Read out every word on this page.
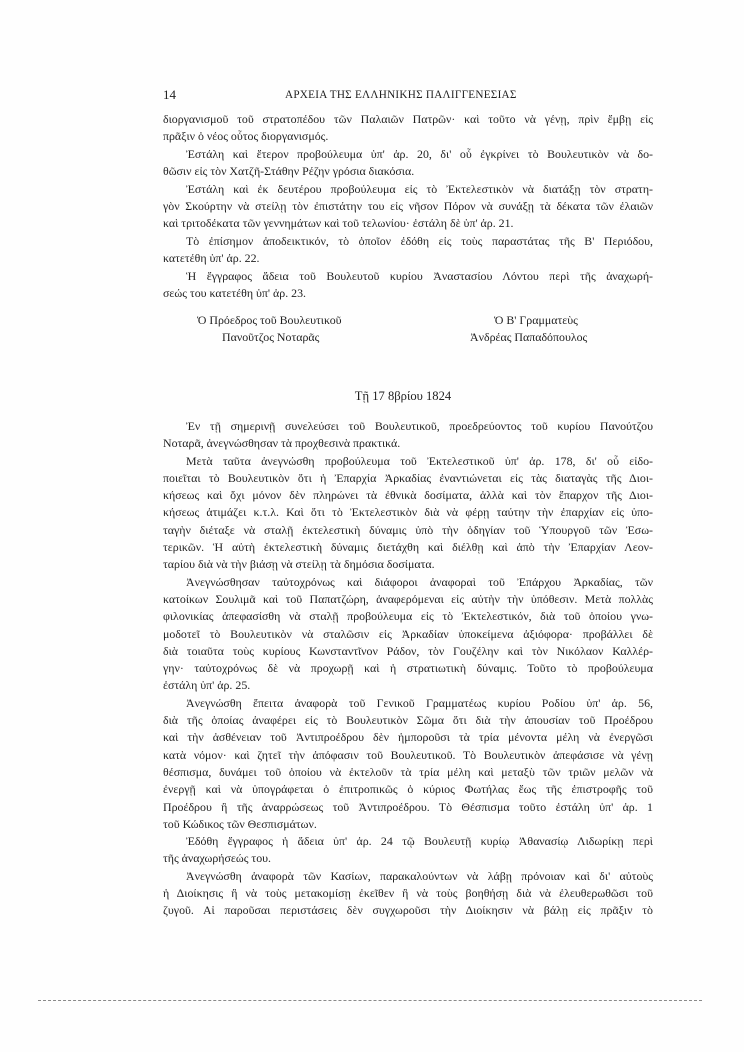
14	ΑΡΧΕΙΑ ΤΗΣ ΕΛΛΗΝΙΚΗΣ ΠΑΛΙΓΓΕΝΕΣΙΑΣ
διοργανισμοῦ τοῦ στρατοπέδου τῶν Παλαιῶν Πατρῶν· καὶ τοῦτο νὰ γένῃ, πρὶν ἔμβῃ εἰς
πρᾶξιν ὁ νέος οὗτος διοργανισμός.
Ἐστάλη καὶ ἕτερον προβούλευμα ὑπ' ἀρ. 20, δι' οὗ ἐγκρίνει τὸ Βουλευτικὸν νὰ δο-
θῶσιν εἰς τὸν Χατζῆ-Στάθην Ρέζην γρόσια διακόσια.
Ἐστάλη καὶ ἐκ δευτέρου προβούλευμα εἰς τὸ Ἐκτελεστικὸν νὰ διατάξῃ τὸν στρατη-
γὸν Σκούρτην νὰ στείλῃ τὸν ἐπιστάτην του εἰς νῆσον Πόρον νὰ συνάξῃ τὰ δέκατα τῶν ἐλαιῶν
καὶ τριτοδέκατα τῶν γεννημάτων καὶ τοῦ τελωνίου· ἐστάλη δὲ ὑπ' ἀρ. 21.
Τὸ ἐπίσημον ἀποδεικτικόν, τὸ ὁποῖον ἐδόθη εἰς τοὺς παραστάτας τῆς Β' Περιόδου,
κατετέθη ὑπ' ἀρ. 22.
Ἡ ἔγγραφος ἄδεια τοῦ Βουλευτοῦ κυρίου Ἀναστασίου Λόντου περὶ τῆς ἀναχωρή-
σεώς του κατετέθη ὑπ' ἀρ. 23.
Ὁ Πρόεδρος τοῦ Βουλευτικοῦ
Πανοῦτζος Νοταρᾶς
Ὁ Β' Γραμματεὺς
Ἀνδρέας Παπαδόπουλος
Τῇ 17 8βρίου 1824
Ἐν τῇ σημερινῇ συνελεύσει τοῦ Βουλευτικοῦ, προεδρεύοντος τοῦ κυρίου Πανούτζου
Νοταρᾶ, ἀνεγνώσθησαν τὰ προχθεσινὰ πρακτικά.
Μετὰ ταῦτα ἀνεγνώσθη προβούλευμα τοῦ Ἐκτελεστικοῦ ὑπ' ἀρ. 178, δι' οὗ εἰδο-
ποιεῖται τὸ Βουλευτικὸν ὅτι ἡ Ἐπαρχία Ἀρκαδίας ἐναντιώνεται εἰς τὰς διαταγὰς τῆς Διοι-
κήσεως καὶ ὄχι μόνον δὲν πληρώνει τὰ ἐθνικὰ δοσίματα, ἀλλὰ καὶ τὸν ἔπαρχον τῆς Διοι-
κήσεως ἀτιμάζει κ.τ.λ. Καὶ ὅτι τὸ Ἐκτελεστικὸν διὰ νὰ φέρῃ ταύτην τὴν ἐπαρχίαν εἰς ὑπο-
ταγὴν διέταξε νὰ σταλῇ ἐκτελεστικὴ δύναμις ὑπὸ τὴν ὁδηγίαν τοῦ Ὑπουργοῦ τῶν Ἐσω-
τερικῶν. Ἡ αὐτὴ ἐκτελεστικὴ δύναμις διετάχθη καὶ διέλθῃ καὶ ἀπὸ τὴν Ἐπαρχίαν Λεον-
ταρίου διὰ νὰ τὴν βιάσῃ νὰ στείλῃ τὰ δημόσια δοσίματα.
Ἀνεγνώσθησαν ταὐτοχρόνως καὶ διάφοροι ἀναφοραὶ τοῦ Ἐπάρχου Ἀρκαδίας, τῶν
κατοίκων Σουλιμᾶ καὶ τοῦ Παπατζώρη, ἀναφερόμεναι εἰς αὐτὴν τὴν ὑπόθεσιν. Μετὰ πολλὰς
φιλονικίας ἀπεφασίσθη νὰ σταλῇ προβούλευμα εἰς τὸ Ἐκτελεστικόν, διὰ τοῦ ὁποίου γνω-
μοδοτεῖ τὸ Βουλευτικὸν νὰ σταλῶσιν εἰς Ἀρκαδίαν ὑποκείμενα ἀξιόφορα· προβάλλει δὲ
διὰ τοιαῦτα τοὺς κυρίους Κωνσταντῖνον Ράδον, τὸν Γουζέλην καὶ τὸν Νικόλαον Καλλέρ-
γην· ταὐτοχρόνως δὲ νὰ προχωρῇ καὶ ἡ στρατιωτικὴ δύναμις. Τοῦτο τὸ προβούλευμα
ἐστάλη ὑπ' ἀρ. 25.
Ἀνεγνώσθη ἔπειτα ἀναφορὰ τοῦ Γενικοῦ Γραμματέως κυρίου Ροδίου ὑπ' ἀρ. 56,
διὰ τῆς ὁποίας ἀναφέρει εἰς τὸ Βουλευτικὸν Σῶμα ὅτι διὰ τὴν ἀπουσίαν τοῦ Προέδρου
καὶ τὴν ἀσθένειαν τοῦ Ἀντιπροέδρου δὲν ἠμποροῦσι τὰ τρία μένοντα μέλη νὰ ἐνεργῶσι
κατὰ νόμον· καὶ ζητεῖ τὴν ἀπόφασιν τοῦ Βουλευτικοῦ. Τὸ Βουλευτικὸν ἀπεφάσισε νὰ γένῃ
θέσπισμα, δυνάμει τοῦ ὁποίου νὰ ἐκτελοῦν τὰ τρία μέλη καὶ μεταξὺ τῶν τριῶν μελῶν νὰ
ἐνεργῇ καὶ νὰ ὑπογράφεται ὁ ἐπιτροπικῶς ὁ κύριος Φωτήλας ἕως τῆς ἐπιστροφῆς τοῦ
Προέδρου ἢ τῆς ἀναρρώσεως τοῦ Ἀντιπροέδρου. Τὸ Θέσπισμα τοῦτο ἐστάλη ὑπ' ἀρ. 1
τοῦ Κώδικος τῶν Θεσπισμάτων.
Ἐδόθη ἔγγραφος ἡ ἄδεια ὑπ' ἀρ. 24 τῷ Βουλευτῇ κυρίῳ Ἀθανασίῳ Λιδωρίκῃ περὶ
τῆς ἀναχωρήσεώς του.
Ἀνεγνώσθη ἀναφορὰ τῶν Κασίων, παρακαλούντων νὰ λάβῃ πρόνοιαν καὶ δι' αὐτοὺς
ἡ Διοίκησις ἢ νὰ τοὺς μετακομίσῃ ἐκεῖθεν ἢ νὰ τοὺς βοηθήσῃ διὰ νὰ ἐλευθερωθῶσι τοῦ
ζυγοῦ. Αἱ παροῦσαι περιστάσεις δὲν συγχωροῦσι τὴν Διοίκησιν νὰ βάλῃ εἰς πρᾶξιν τὸ
